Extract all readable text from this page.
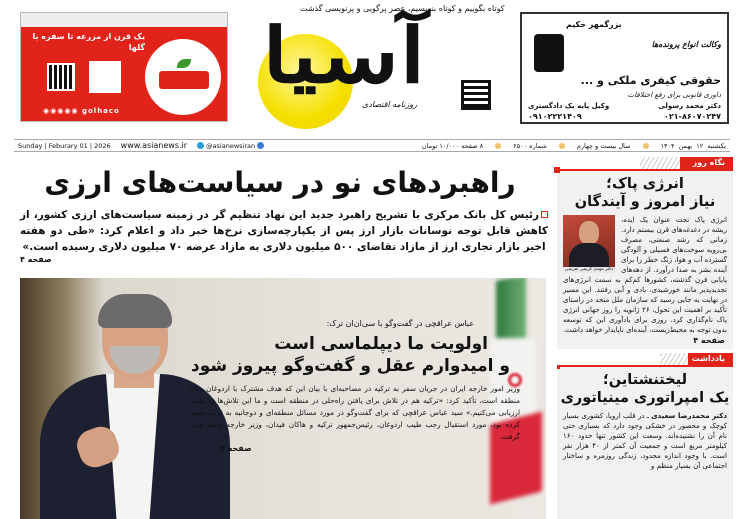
یک قرن از مزرعه تا سفره با گلها
◉◉◉◉◉ golhaco
کوتاه بگوییم و کوتاه بنویسیم، عصر پرگویی و پرنویسی گذشت
آسیا
روزنامه اقتصادی
بزرگمهر حکیم
وکالت انواع پرونده‌ها
حقوقی کیفری ملکی و ...
داوری قانونی برای رفع اختلافات
دکتر محمد رسولی
وکیل پایه یک دادگستری
۰۲۱-۸۶۰۷۰۲۴۷
۰۹۱۰۲۲۲۱۴۰۹
Sunday | Feburary 01 | 2026 www.asianews.ir	@asianewsiran	یکشنبه  ۱۲  بهمن  ۱۴۰۴
سال بیست و چهارم
شماره ۶۵۰۰
۸ صفحه ۱۰/۰۰۰ تومان
راهبردهای نو در سیاست‌های ارزی
رئیس کل بانک مرکزی با تشریح راهبرد جدید این نهاد تنظیم گر در زمینه سیاست‌های ارزی کشور، از کاهش قابل توجه نوسانات بازار ارز پس از یکپارچه‌سازی نرخ‌ها خبر داد و اعلام کرد: «طی دو هفته اخیر بازار تجاری ارز از مازاد تقاضای ۵۰۰ میلیون دلاری به مازاد عرضه ۷۰ میلیون دلاری رسیده است.»
صفحه ۴
عباس عراقچی در گفت‌وگو با سی‌ان‌ان ترک:
اولویت ما دیپلماسی است
و امیدوارم عقل و گفت‌وگو پیروز شود
وزیر امور خارجه ایران در جریان سفر به ترکیه در مصاحبه‌ای با بیان این که هدف مشترک با اردوغان رفاه منطقه است، تأکید کرد: «ترکیه هم در تلاش برای یافتن راه‌حلی در منطقه است و ما این تلاش‌ها را مثبت ارزیابی می‌کنیم.» سید عباس عراقچی که برای گفت‌وگو در مورد مسائل منطقه‌ای و دوجانبه به ترکیه سفر کرده بود، مورد استقبال رجب طیب اردوغان، رئیس‌جمهور ترکیه و هاکان فیدان، وزیر خارجه ترکیه قرار گرفت.
صفحه ۴
نگاه روز
انرژی پاک؛
نیاز امروز و آیندگان
دکتر مهدی کریمی تفرشی

انرژی پاک تحت عنوان یک ایده، ریشه در دغدغه‌های قرن بیستم دارد. زمانی که رشد صنعتی، مصرف بی‌رویه سوخت‌های فسیلی و آلودگی گسترده آب و هوا، زنگ خطر را برای آینده بشر به صدا درآورد. از دهه‌های پایانی قرن گذشته، کشورها کم‌کم به سمت انرژی‌های تجدیدپذیر مانند خورشیدی، بادی و آبی رفتند. این مسیر در نهایت به جایی رسید که سازمان ملل متحد در راستای تأکید بر اهمیت این تحول، ۲۶ ژانویه را روز جهانی انرژی پاک نام‌گذاری کرد. روزی برای یادآوری این که توسعه بدون توجه به محیط‌زیست، آینده‌ای ناپایدار خواهد داشت.

صفحه ۴
یادداشت
لیختنشتاین؛
یک امپراتوری مینیاتوری

دکتر محمدرضا سعیدی ـ در قلب اروپا، کشوری بسیار کوچک و محصور در خشکی وجود دارد که بسیاری حتی نام آن را نشنیده‌اند. وسعت این کشور تنها حدود ۱۶۰ کیلومتر مربع است و جمعیت آن کمتر از ۴۰ هزار نفر است. با وجود اندازه محدود، زندگی روزمره و ساختار اجتماعی آن بسیار منظم و
